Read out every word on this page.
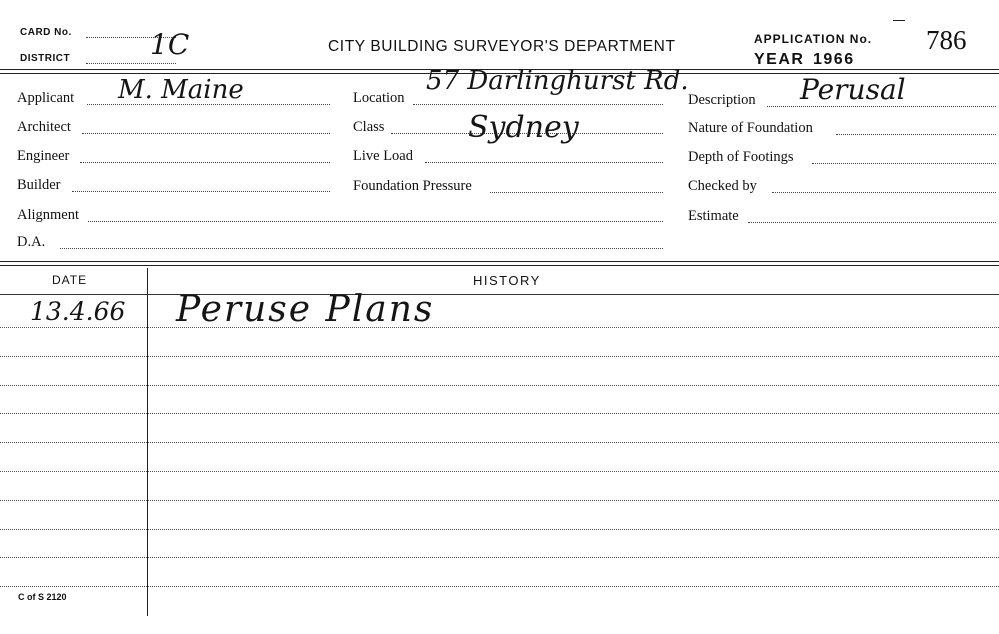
CARD No.
DISTRICT	1C	CITY BUILDING SURVEYOR'S DEPARTMENT	APPLICATION No. 786
YEAR 1966
Applicant M. Maine
Architect
Engineer
Builder
Alignment
D.A.
Location
57 Darlinghurst Rd.
Class	Sydney
Live Load
Foundation Pressure
Description Perusal
Nature of Foundation
Depth of Footings
Checked by
Estimate
DATE	HISTORY
13.4.66 Peruse Plans
C of S 2120
